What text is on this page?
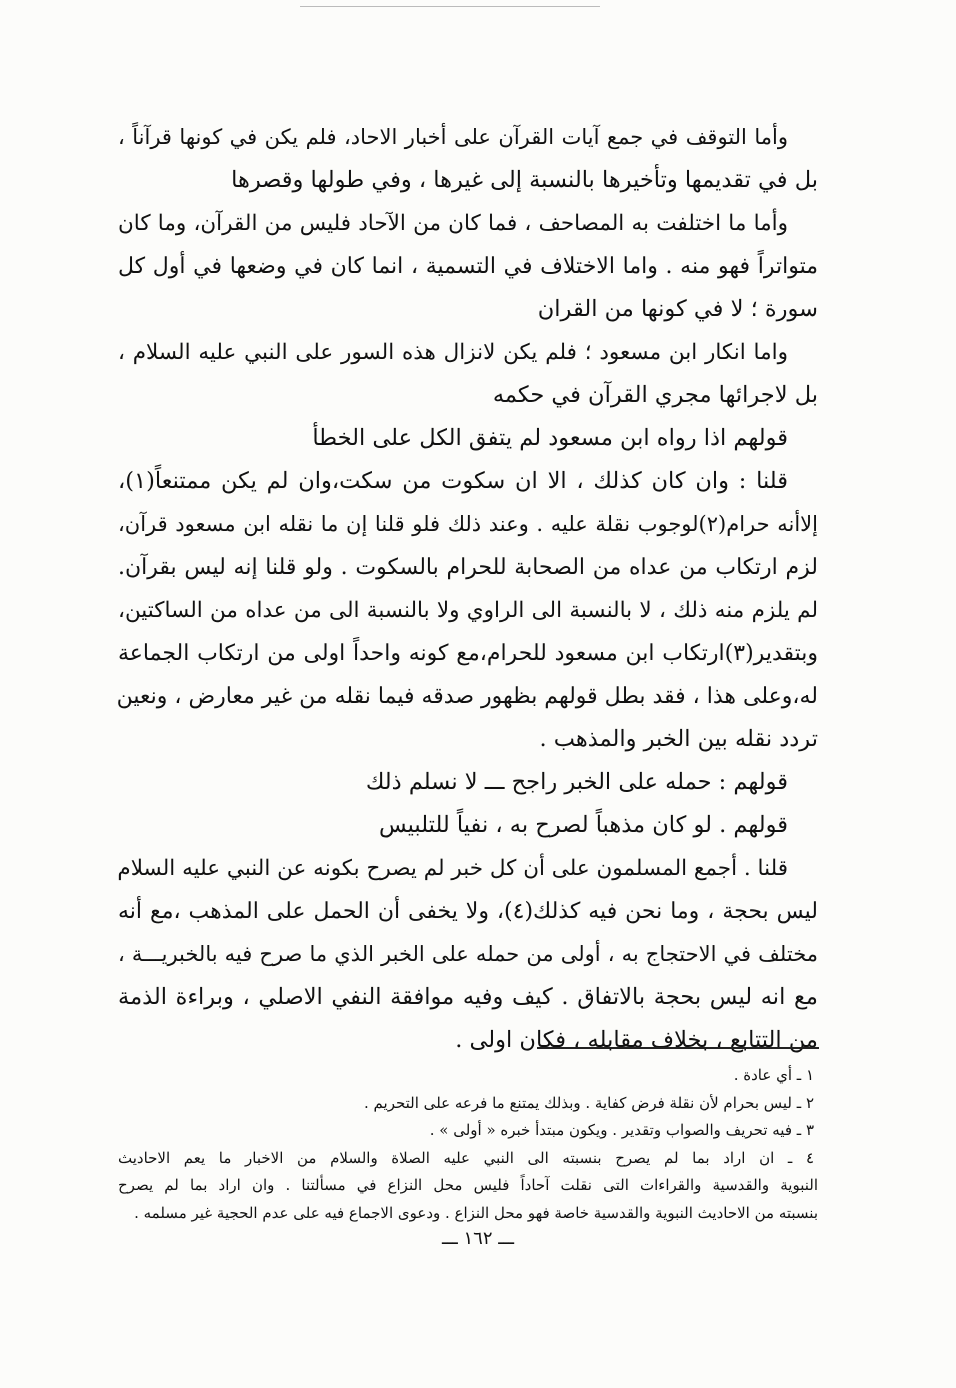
وأما التوقف في جمع آيات القرآن على أخبار الاحاد، فلم يكن في كونها قرآناً ،

بل في تقديمها وتأخيرها بالنسبة إلى غيرها ، وفي طولها وقصرها

وأما ما اختلفت به المصاحف ، فما كان من الآحاد فليس من القرآن، وما كان

متواتراً فهو منه . واما الاختلاف في التسمية ، انما كان في وضعها في أول كل

سورة ؛ لا في كونها من القران

واما انكار ابن مسعود ؛ فلم يكن لانزال هذه السور على النبي عليه السلام ،

بل لاجرائها مجري القرآن في حكمه

قولهم اذا رواه ابن مسعود لم يتفق الكل على الخطأ

قلنا : وان كان كذلك ، الا ان سكوت من سكت،وان لم يكن ممتنعاً(١)،

إلاأنه حرام(٢)لوجوب نقلة عليه . وعند ذلك فلو قلنا إن ما نقله ابن مسعود قرآن،

لزم ارتكاب من عداه من الصحابة للحرام بالسكوت . ولو قلنا إنه ليس بقرآن.

لم يلزم منه ذلك ، لا بالنسبة الى الراوي ولا بالنسبة الى من عداه من الساكتين،

وبتقدير(٣)ارتكاب ابن مسعود للحرام،مع كونه واحداً اولى من ارتكاب الجماعة

له،وعلى هذا ، فقد بطل قولهم بظهور صدقه فيما نقله من غير معارض ، ونعين

تردد نقله بين الخبر والمذهب .

قولهم : حمله على الخبر راجح ـــ لا نسلم ذلك

قولهم . لو كان مذهباً لصرح به ، نفياً للتلبيس

قلنا . أجمع المسلمون على أن كل خبر لم يصرح بكونه عن النبي عليه السلام

ليس بحجة ، وما نحن فيه كذلك(٤)، ولا يخفى أن الحمل على المذهب ،مع أنه

مختلف في الاحتجاج به ، أولى من حمله على الخبر الذي ما صرح فيه بالخبريـــة ،

مع انه ليس بحجة بالاتفاق . كيف وفيه موافقة النفي الاصلي ، وبراءة الذمة

من التتابع ، بخلاف مقابله ، فكان اولى .

١ ـ أي عادة .

٢ ـ ليس بحرام لأن نقلة فرض كفاية . وبذلك يمتنع ما فرعه على التحريم .

٣ ـ فيه تحريف والصواب وتقدير . ويكون مبتدأ خبره « أولى » .

٤ ـ ان اراد بما لم يصرح بنسبته الى النبي عليه الصلاة والسلام من الاخبار ما يعم الاحاديث

النبوية والقدسية والقراءات التى نقلت آحاداً فليس محل النزاع في مسألتنا . وان اراد بما لم يصرح

بنسبته من الاحاديث النبوية والقدسية خاصة فهو محل النزاع . ودعوى الاجماع فيه على عدم الحجية غير مسلمه .

ـــ ١٦٢ ـــ
